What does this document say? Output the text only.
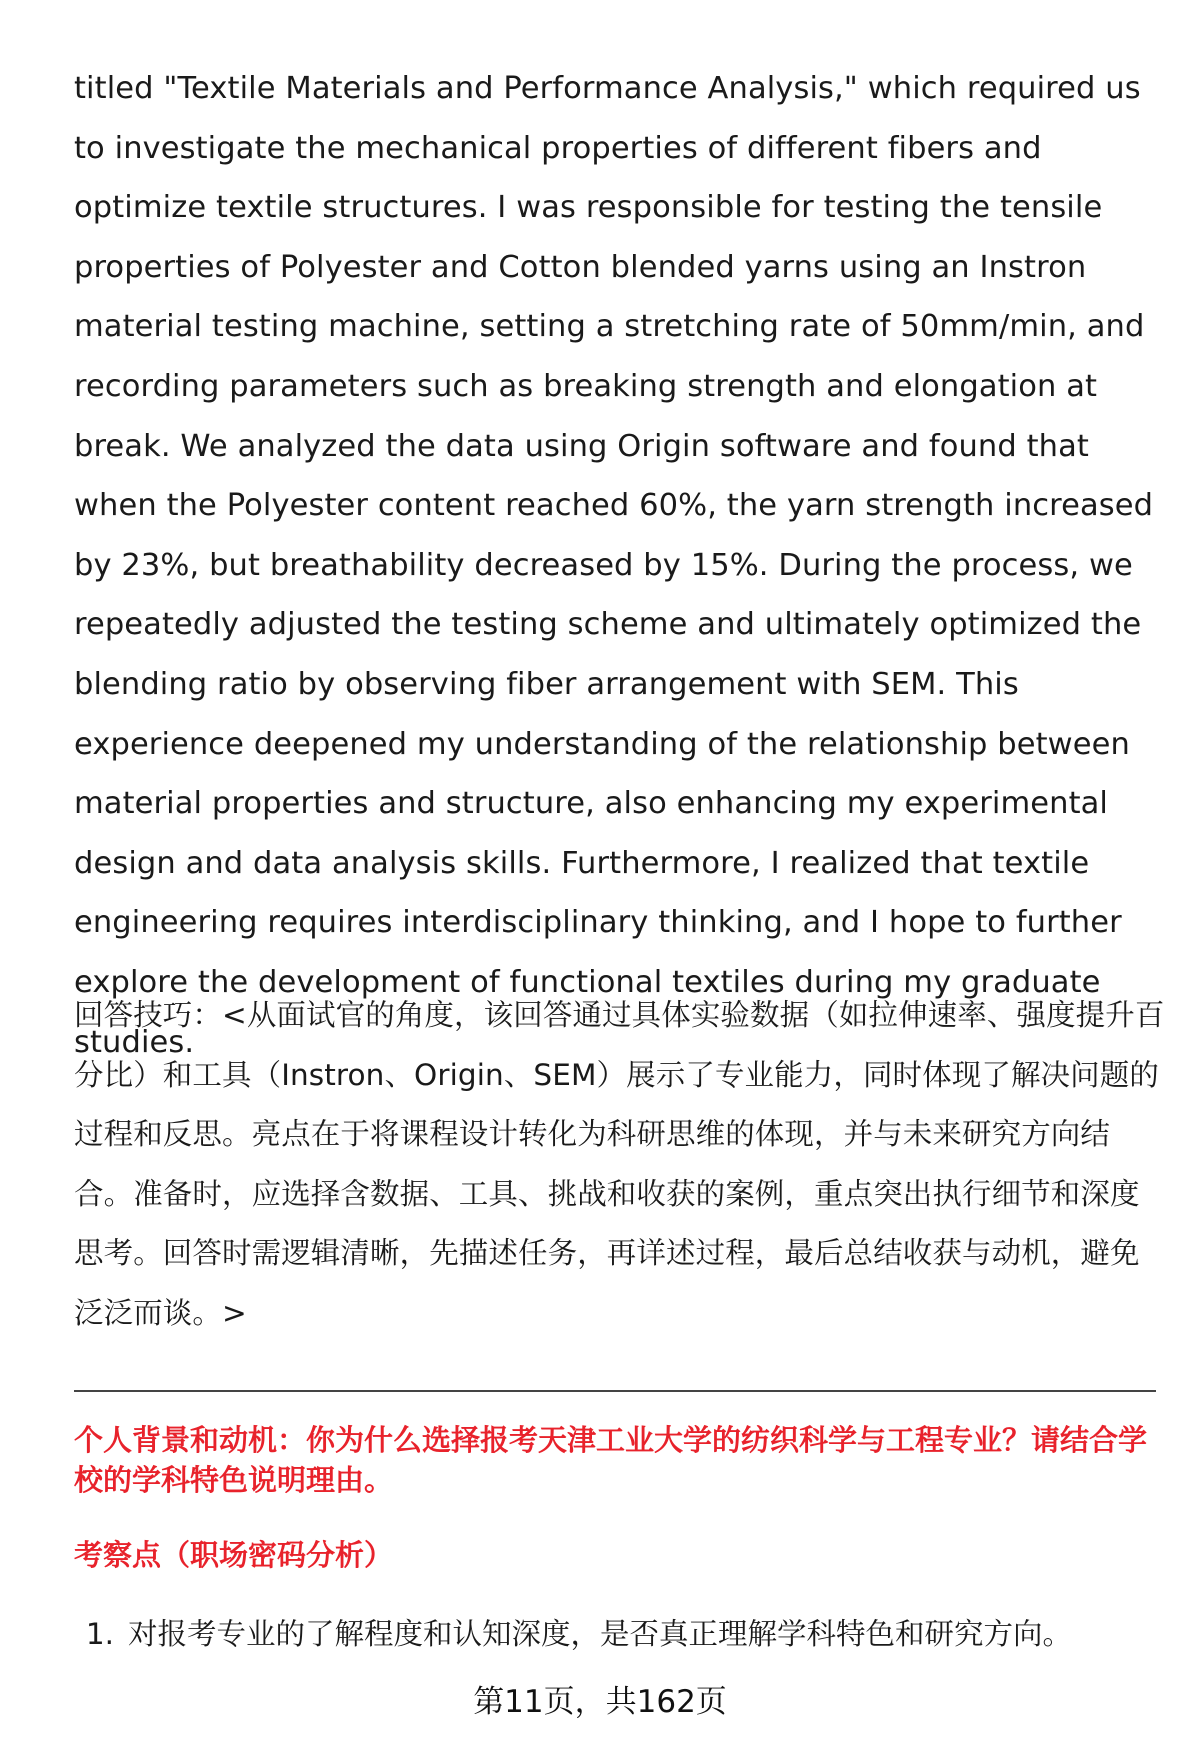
titled "Textile Materials and Performance Analysis," which required us to investigate the mechanical properties of different fibers and optimize textile structures. I was responsible for testing the tensile properties of Polyester and Cotton blended yarns using an Instron material testing machine, setting a stretching rate of 50mm/min, and recording parameters such as breaking strength and elongation at break. We analyzed the data using Origin software and found that when the Polyester content reached 60%, the yarn strength increased by 23%, but breathability decreased by 15%. During the process, we repeatedly adjusted the testing scheme and ultimately optimized the blending ratio by observing fiber arrangement with SEM. This experience deepened my understanding of the relationship between material properties and structure, also enhancing my experimental design and data analysis skills. Furthermore, I realized that textile engineering requires interdisciplinary thinking, and I hope to further explore the development of functional textiles during my graduate studies.

回答技巧：<从面试官的角度，该回答通过具体实验数据（如拉伸速率、强度提升百分比）和工具（Instron、Origin、SEM）展示了专业能力，同时体现了解决问题的过程和反思。亮点在于将课程设计转化为科研思维的体现，并与未来研究方向结合。准备时，应选择含数据、工具、挑战和收获的案例，重点突出执行细节和深度思考。回答时需逻辑清晰，先描述任务，再详述过程，最后总结收获与动机，避免泛泛而谈。>

个人背景和动机：你为什么选择报考天津工业大学的纺织科学与工程专业？请结合学校的学科特色说明理由。
考察点（职场密码分析）
1. 对报考专业的了解程度和认知深度，是否真正理解学科特色和研究方向。
第11页，共162页
